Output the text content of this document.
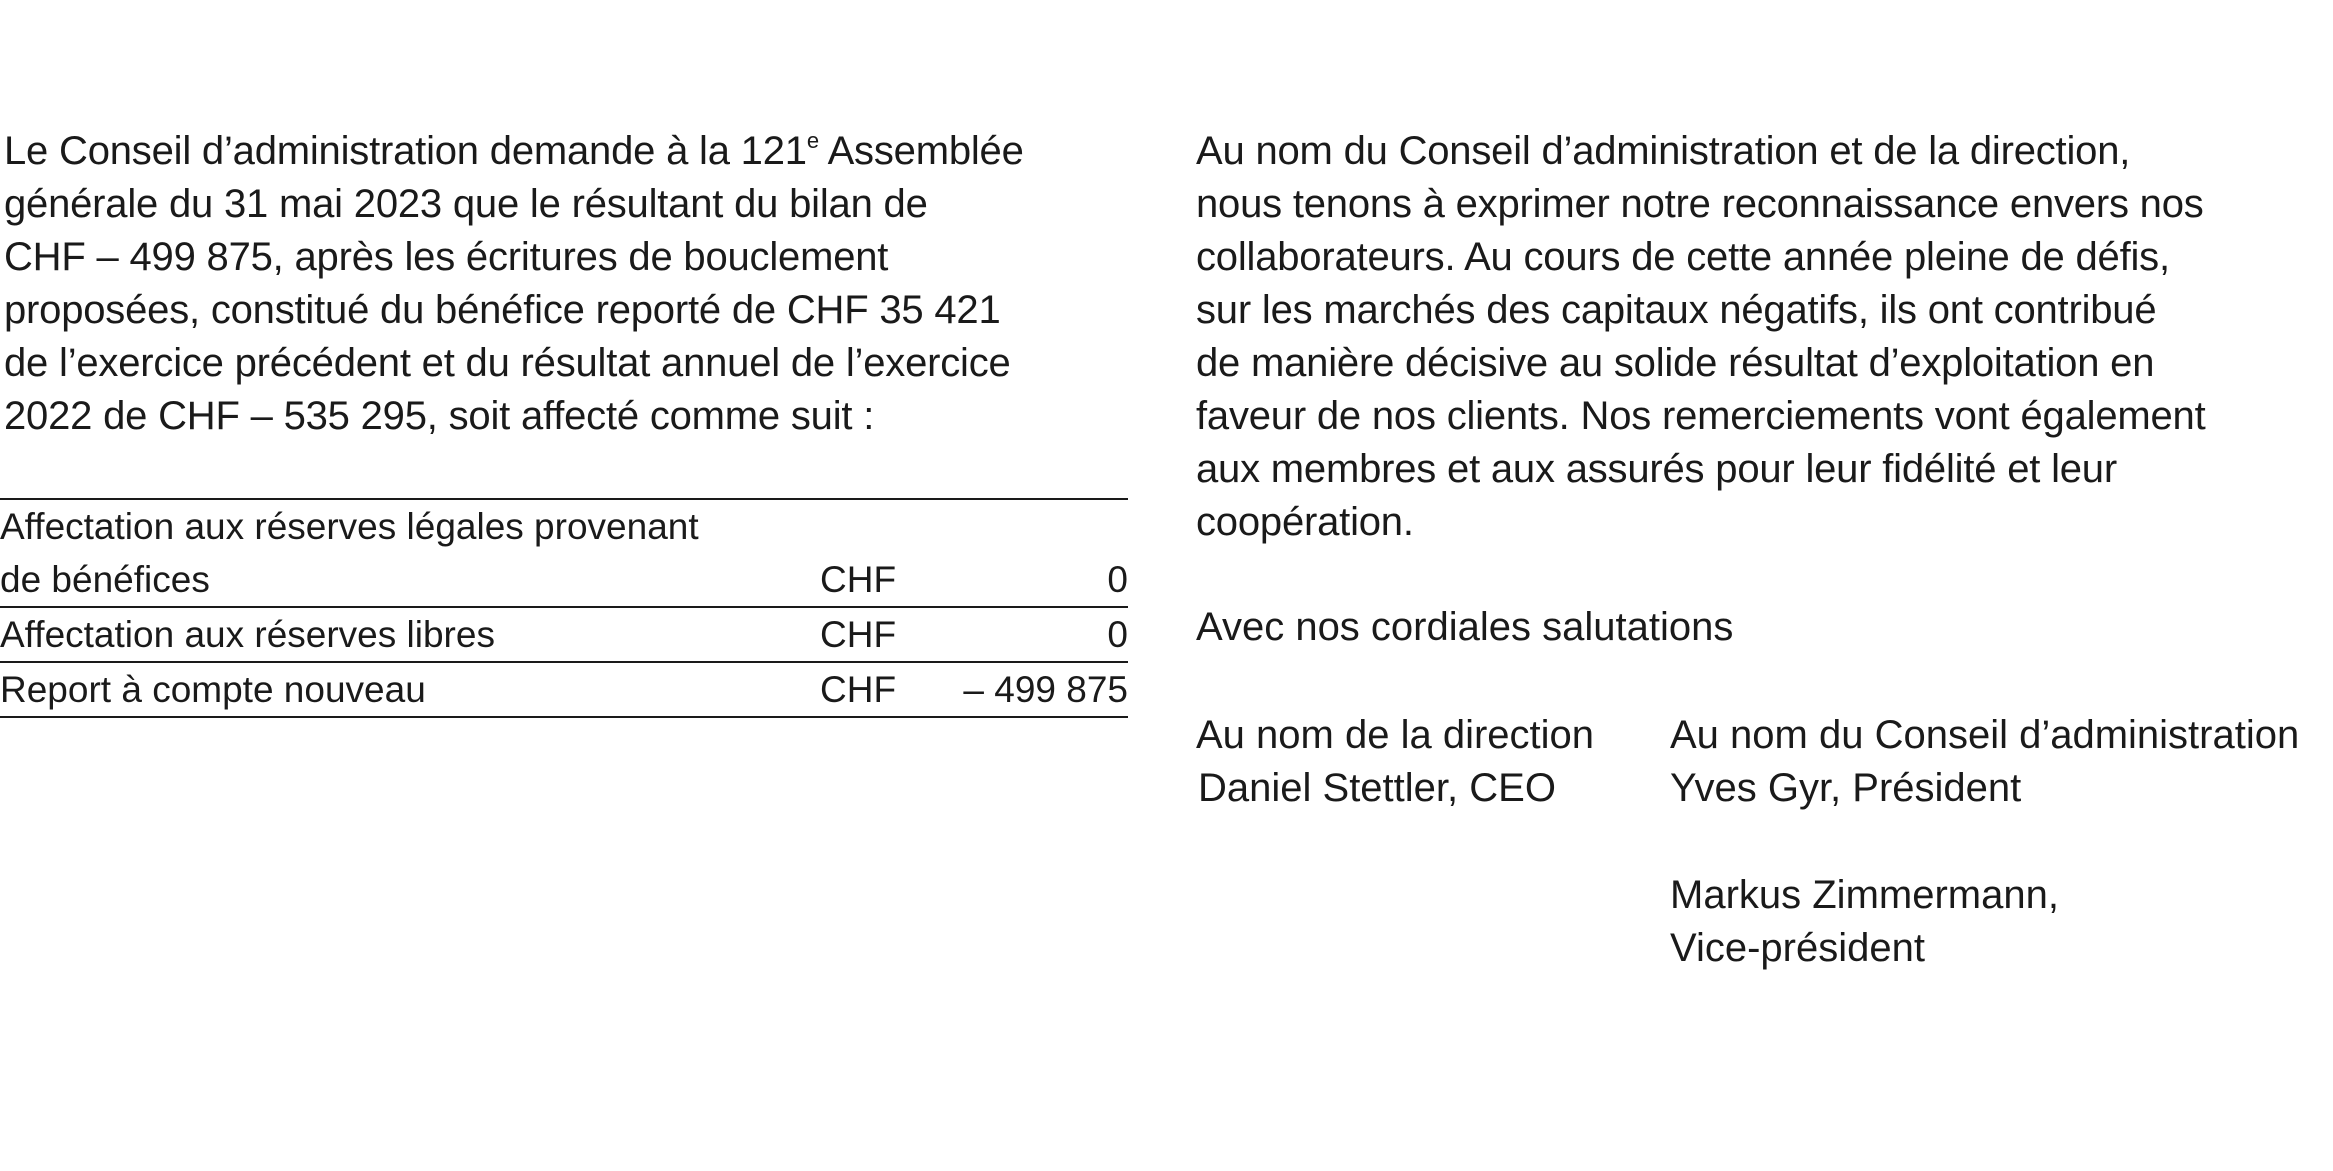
Le Conseil d’administration demande à la 121e Assemblée
générale du 31 mai 2023 que le résultant du bilan de
CHF – 499 875, après les écritures de bouclement
proposées, constitué du bénéfice reporté de CHF 35 421
de l’exercice précédent et du résultat annuel de l’exercice
2022 de CHF – 535 295, soit affecté comme suit :

Affectation aux réserves légales provenant
de bénéfices	CHF	0
Affectation aux réserves libres	CHF	0
Report à compte nouveau	CHF	– 499 875

Au nom du Conseil d’administration et de la direction,
nous tenons à exprimer notre reconnaissance envers nos
collaborateurs. Au cours de cette année pleine de défis,
sur les marchés des capitaux négatifs, ils ont contribué
de manière décisive au solide résultat d’exploitation en
faveur de nos clients. Nos remerciements vont également
aux membres et aux assurés pour leur fidélité et leur
coopération.

Avec nos cordiales salutations

Au nom de la direction

Daniel Stettler, CEO

Au nom du Conseil d’administration

Yves Gyr, Président

Markus Zimmermann,

Vice-président
